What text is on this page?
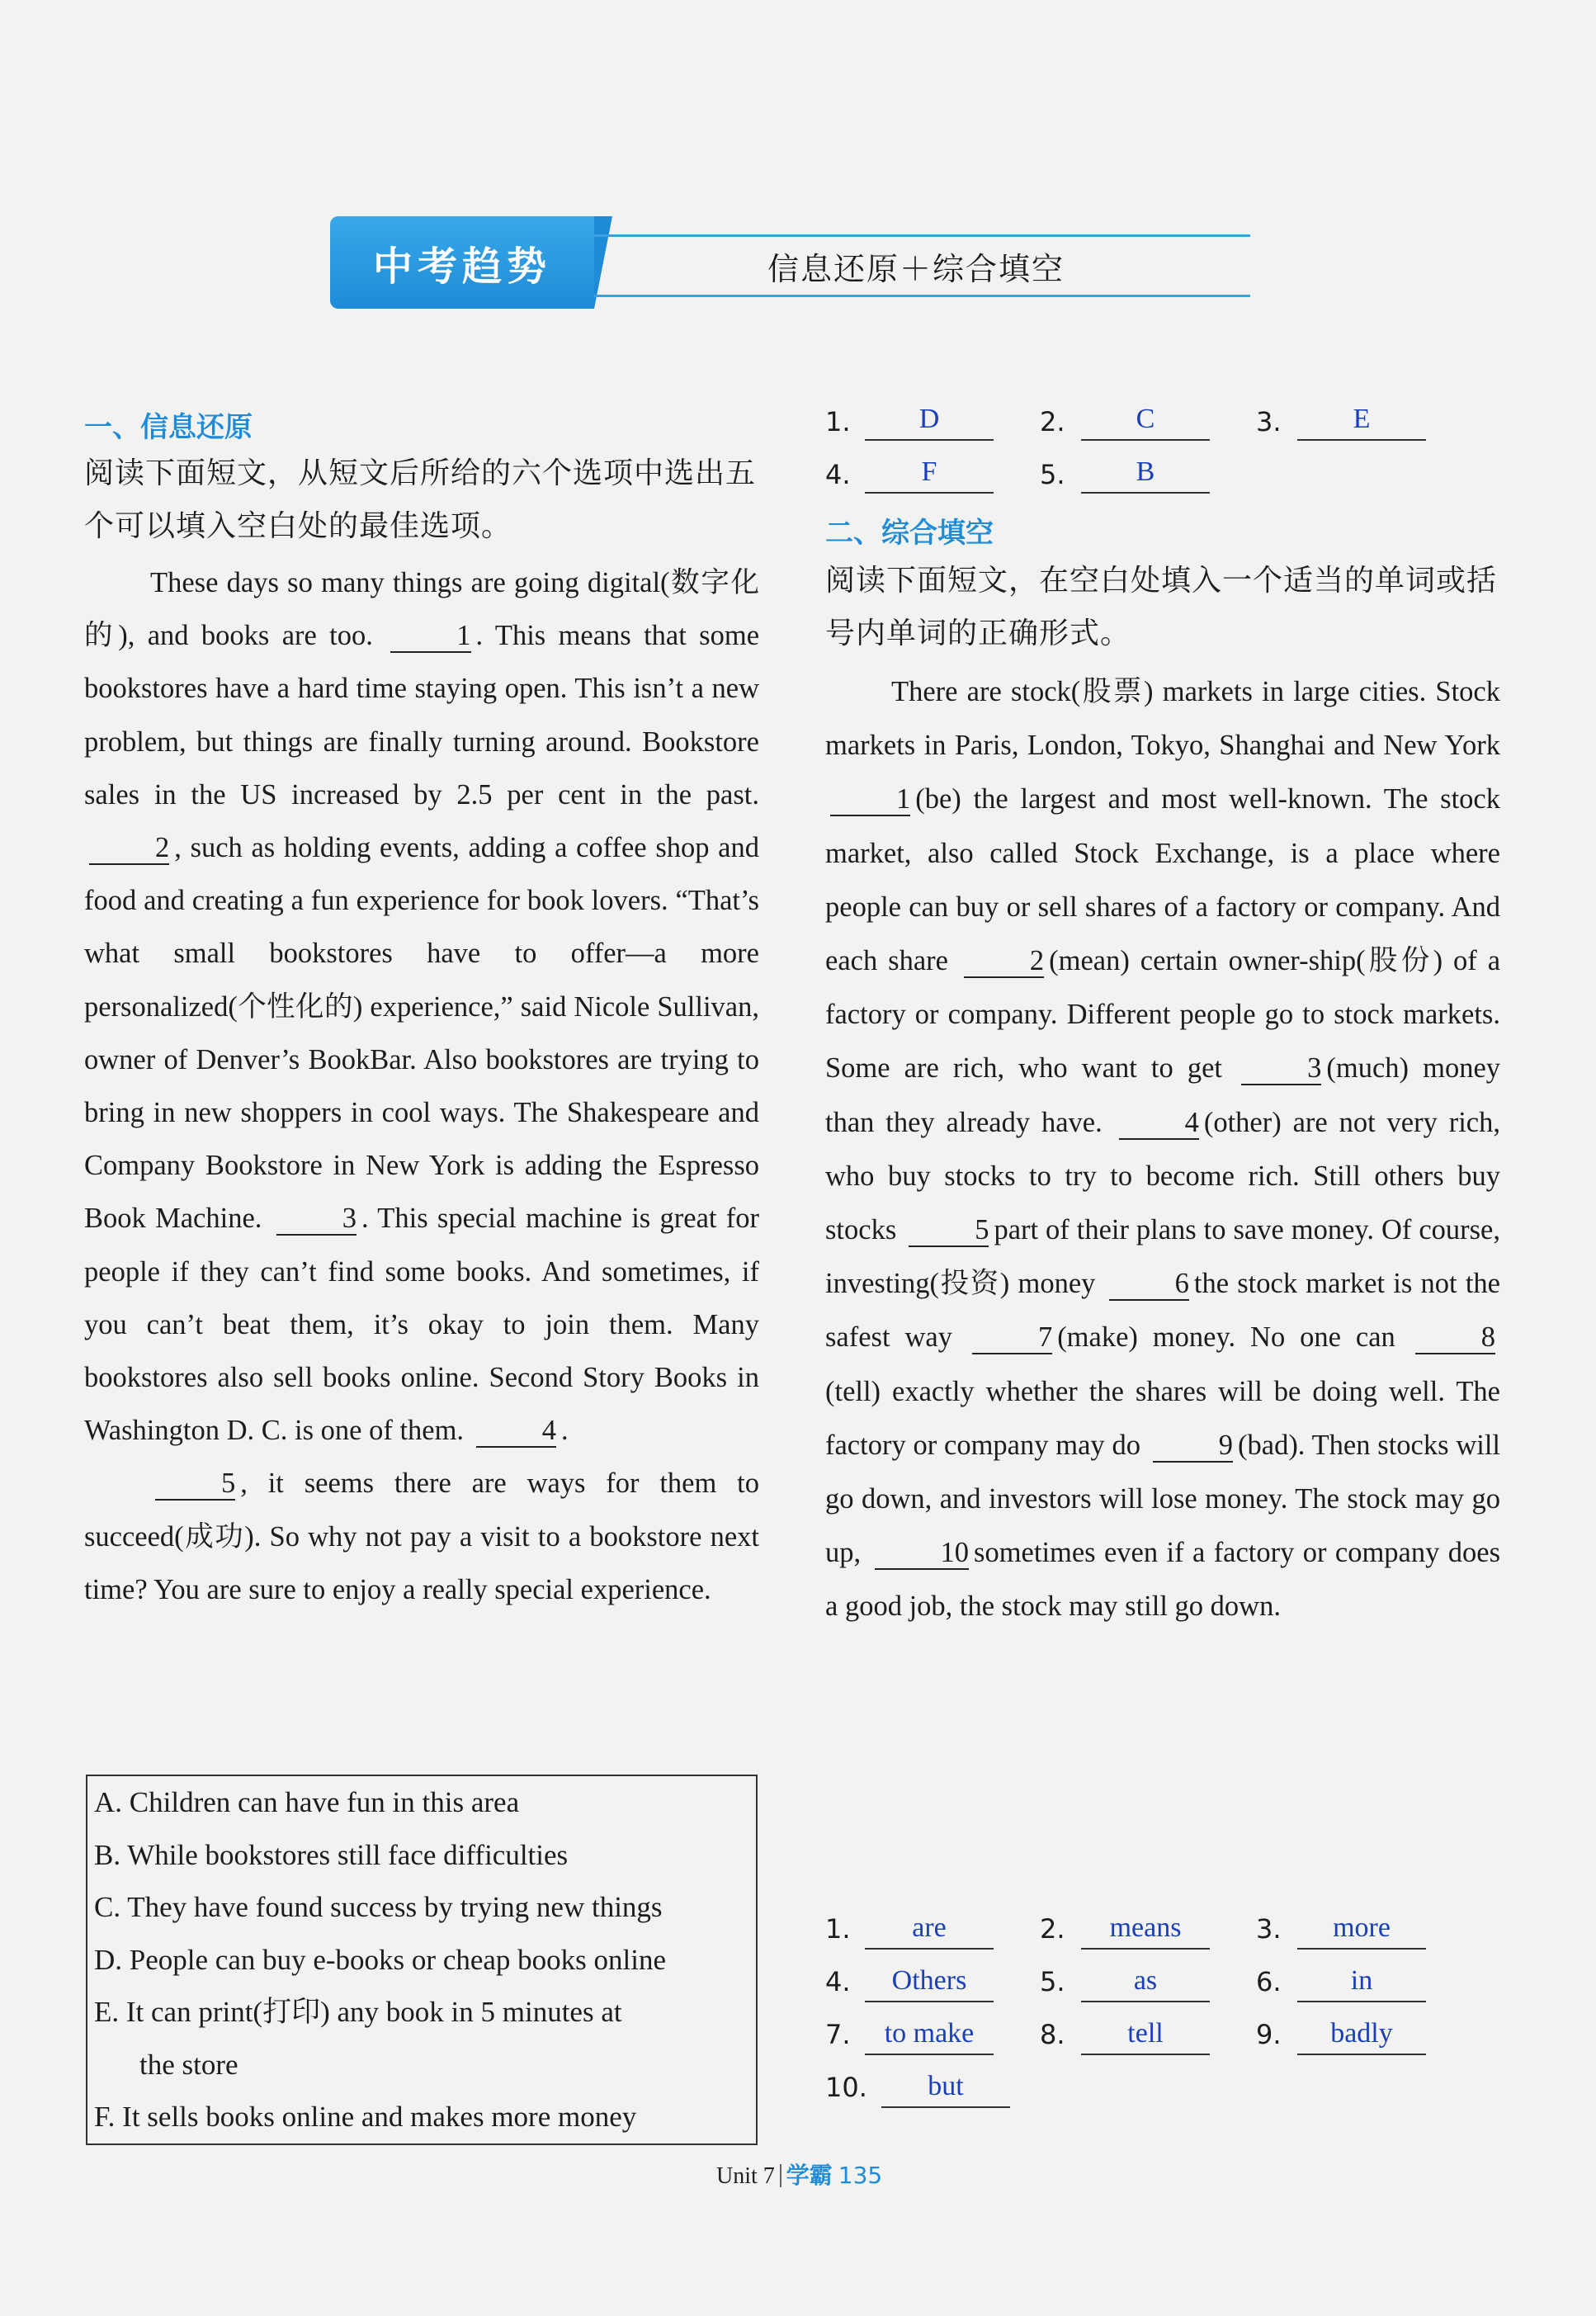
中考趋势	信息还原＋综合填空
一、信息还原
阅读下面短文，从短文后所给的六个选项中选出五个可以填入空白处的最佳选项。

These days so many things are going digital(数字化的), and books are too.	1 . This means that some bookstores have a hard time staying open. This isn’t a new problem, but things are finally turning around. Bookstore sales in the US increased by 2.5 per cent in the past. 2 , such as holding events, adding a coffee shop and food and creating a fun experience for book lovers. “That’s what small bookstores have to offer—a more personalized(个性化的) experience,” said Nicole Sullivan, owner of Denver’s BookBar. Also bookstores are trying to bring in new shoppers in cool ways. The Shakespeare and Company Bookstore in New York is adding the Espresso Book Machine.	3 . This special machine is great for people if they can’t find some books. And sometimes, if you can’t beat them, it’s okay to join them. Many bookstores also sell books online. Second Story Books in Washington D. C. is one of them.	4 .

5 , it seems there are ways for them to succeed(成功). So why not pay a visit to a bookstore next time? You are sure to enjoy a really special experience.

A. Children can have fun in this area
B. While bookstores still face difficulties
C. They have found success by trying new things
D. People can buy e-books or cheap books online
E. It can print(打印) any book in 5 minutes at
the store
F. It sells books online and makes more money
1.	D	2.	C	3.	E
4.	F	5.	B
二、综合填空
阅读下面短文，在空白处填入一个适当的单词或括号内单词的正确形式。

There are stock(股票) markets in large cities. Stock markets in Paris, London, Tokyo, Shanghai and New York 1 (be) the largest and most well-known. The stock market, also called Stock Exchange, is a place where people can buy or sell shares of a factory or company. And each share	2 (mean) certain owner-ship(股份) of a factory or company. Different people go to stock markets. Some are rich, who want to get	3 (much) money than they already have.	4 (other) are not very rich, who buy stocks to try to become rich. Still others buy stocks	5 part of their plans to save money. Of course, investing(投资) money	6 the stock market is not the safest way	7 (make) money. No one can	8(tell) exactly whether the shares will be doing well. The factory or company may do	9 (bad). Then stocks will go down, and investors will lose money. The stock may go up,	10 sometimes even if a factory or company does a good job, the stock may still go down.

1.	are	2.	means	3.	more
4.	Others	5.	as	6.	in
7.	to make	8.	tell	9.	badly
10.	but
Unit 7 学霸 135
